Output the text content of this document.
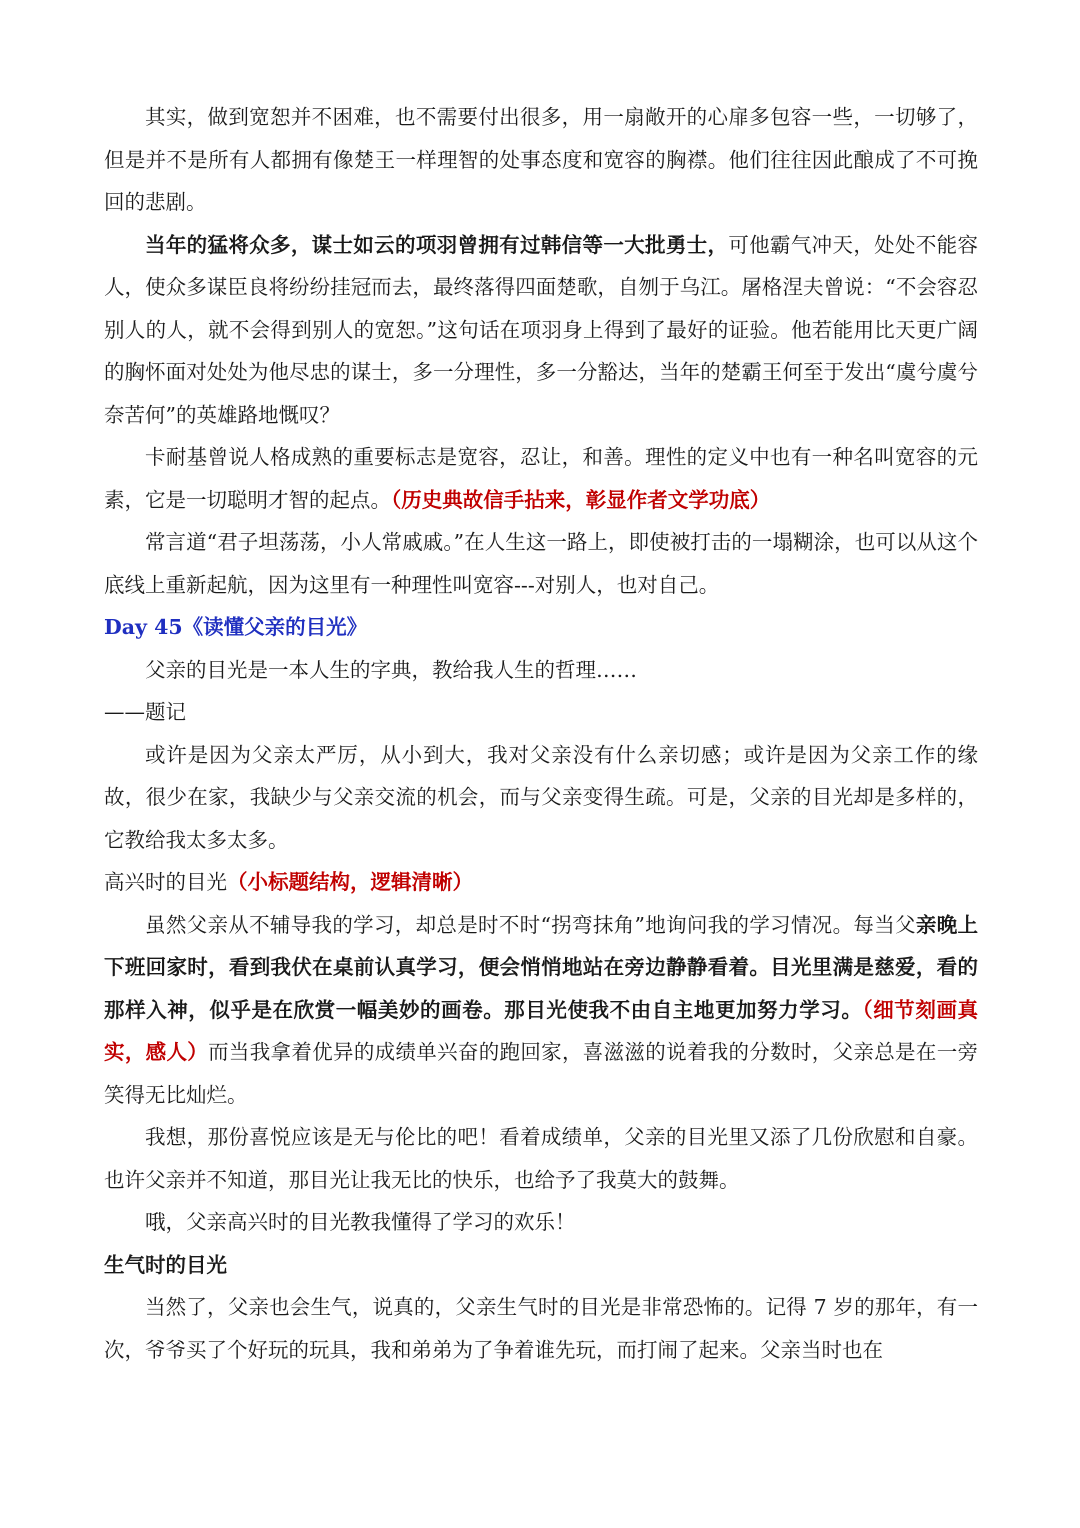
其实，做到宽恕并不困难，也不需要付出很多，用一扇敞开的心扉多包容一些，一切够了，但是并不是所有人都拥有像楚王一样理智的处事态度和宽容的胸襟。他们往往因此酿成了不可挽回的悲剧。

当年的猛将众多，谋士如云的项羽曾拥有过韩信等一大批勇士，可他霸气冲天，处处不能容人，使众多谋臣良将纷纷挂冠而去，最终落得四面楚歌，自刎于乌江。屠格涅夫曾说：“不会容忍别人的人，就不会得到别人的宽恕。”这句话在项羽身上得到了最好的证验。他若能用比天更广阔的胸怀面对处处为他尽忠的谋士，多一分理性，多一分豁达，当年的楚霸王何至于发出“虞兮虞兮奈苦何”的英雄路地慨叹？

卡耐基曾说人格成熟的重要标志是宽容，忍让，和善。理性的定义中也有一种名叫宽容的元素，它是一切聪明才智的起点。（历史典故信手拈来，彰显作者文学功底）

常言道“君子坦荡荡，小人常戚戚。”在人生这一路上，即使被打击的一塌糊涂，也可以从这个底线上重新起航，因为这里有一种理性叫宽容---对别人，也对自己。

Day 45《读懂父亲的目光》

父亲的目光是一本人生的字典，教给我人生的哲理……

——题记

或许是因为父亲太严厉，从小到大，我对父亲没有什么亲切感；或许是因为父亲工作的缘故，很少在家，我缺少与父亲交流的机会，而与父亲变得生疏。可是，父亲的目光却是多样的，它教给我太多太多。

高兴时的目光（小标题结构，逻辑清晰）

虽然父亲从不辅导我的学习，却总是时不时“拐弯抹角”地询问我的学习情况。每当父亲晚上下班回家时，看到我伏在桌前认真学习，便会悄悄地站在旁边静静看着。目光里满是慈爱，看的那样入神，似乎是在欣赏一幅美妙的画卷。那目光使我不由自主地更加努力学习。（细节刻画真实，感人）而当我拿着优异的成绩单兴奋的跑回家，喜滋滋的说着我的分数时，父亲总是在一旁笑得无比灿烂。

我想，那份喜悦应该是无与伦比的吧！看着成绩单，父亲的目光里又添了几份欣慰和自豪。也许父亲并不知道，那目光让我无比的快乐，也给予了我莫大的鼓舞。

哦，父亲高兴时的目光教我懂得了学习的欢乐！

生气时的目光

当然了，父亲也会生气，说真的，父亲生气时的目光是非常恐怖的。记得 7 岁的那年，有一次，爷爷买了个好玩的玩具，我和弟弟为了争着谁先玩，而打闹了起来。父亲当时也在
